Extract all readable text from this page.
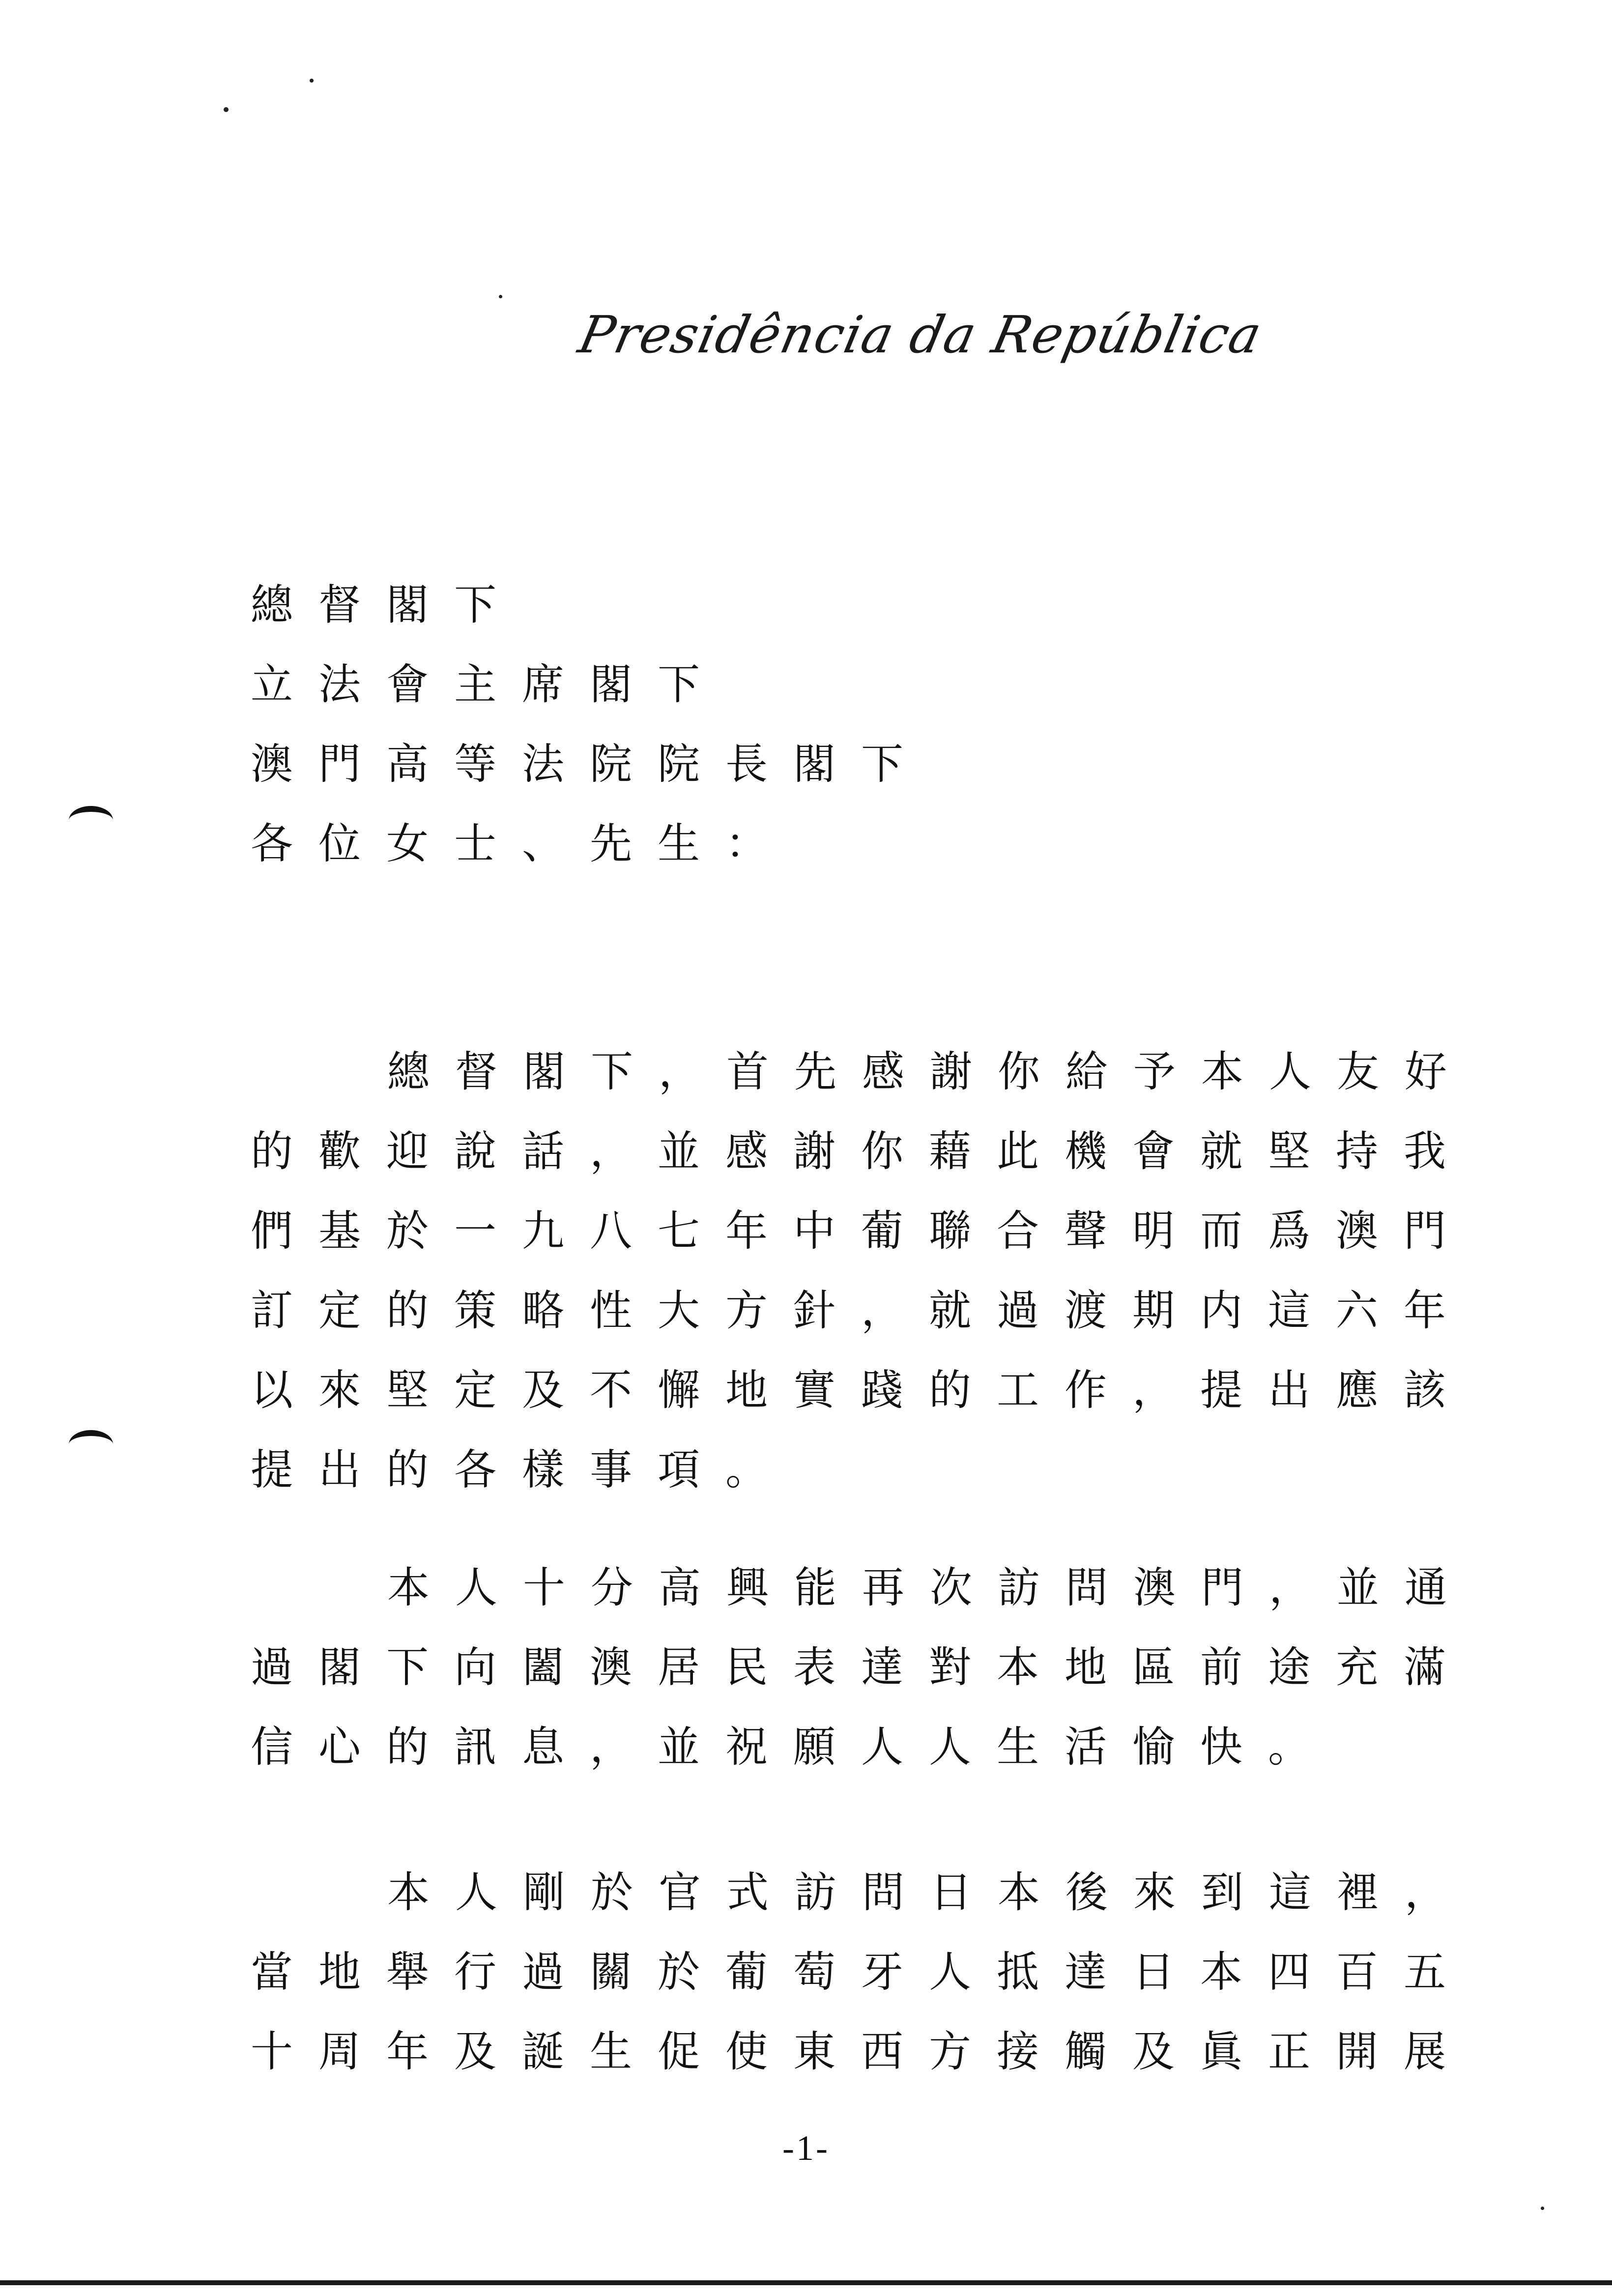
Presidência da República
總督閣下
立法會主席閣下
澳門高等法院院長閣下
各位女士、先生：
總督閣下，首先感謝你給予本人友好
的歡迎說話，並感謝你藉此機會就堅持我
們基於一九八七年中葡聯合聲明而爲澳門
訂定的策略性大方針，就過渡期内這六年
以來堅定及不懈地實踐的工作，提出應該
提出的各樣事項。
本人十分高興能再次訪問澳門，並通
過閣下向闔澳居民表達對本地區前途充滿
信心的訊息，並祝願人人生活愉快。
本人剛於官式訪問日本後來到這裡，
當地舉行過關於葡萄牙人抵達日本四百五
十周年及誕生促使東西方接觸及眞正開展
-1-
